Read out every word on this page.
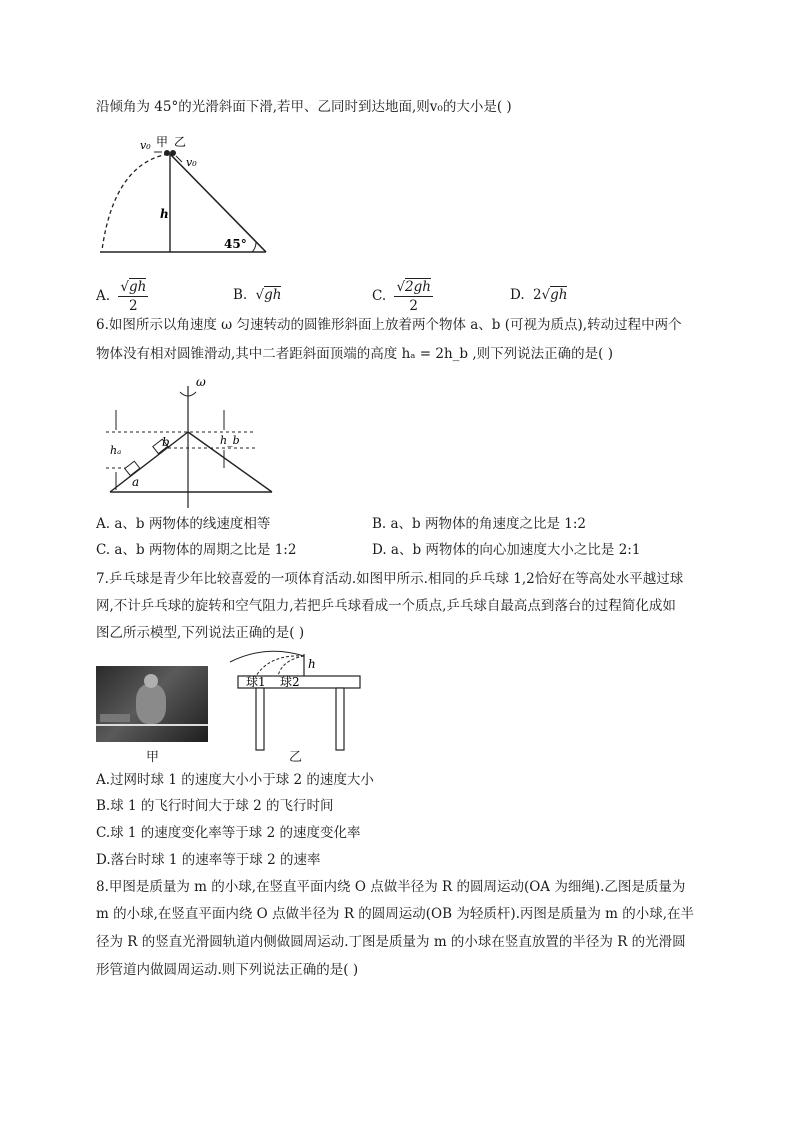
沿倾角为 45°的光滑斜面下滑,若甲、乙同时到达地面,则v₀的大小是( )
v₀ 甲 乙
v₀
h
45°
A. $\frac{√gh}{2}$	B. √gh	C. $\frac{√2gh}{2}$	D. 2√gh
6.如图所示以角速度 ω 匀速转动的圆锥形斜面上放着两个物体 a、b (可视为质点),转动过程中两个
物体没有相对圆锥滑动,其中二者距斜面顶端的高度 hₐ = 2h_b ,则下列说法正确的是( )
ω
hₐ
h_b
a
b
A. a、b 两物体的线速度相等	B. a、b 两物体的角速度之比是 1:2
C. a、b 两物体的周期之比是 1:2	D. a、b 两物体的向心加速度大小之比是 2:1
7.乒乓球是青少年比较喜爱的一项体育活动.如图甲所示.相同的乒乓球 1,2恰好在等高处水平越过球
网,不计乒乓球的旋转和空气阻力,若把乒乓球看成一个质点,乒乓球自最高点到落台的过程简化成如
图乙所示模型,下列说法正确的是( )
甲
h
球1 球2
乙
A.过网时球 1 的速度大小小于球 2 的速度大小
B.球 1 的飞行时间大于球 2 的飞行时间
C.球 1 的速度变化率等于球 2 的速度变化率
D.落台时球 1 的速率等于球 2 的速率
8.甲图是质量为 m 的小球,在竖直平面内绕 O 点做半径为 R 的圆周运动(OA 为细绳).乙图是质量为
m 的小球,在竖直平面内绕 O 点做半径为 R 的圆周运动(OB 为轻质杆).丙图是质量为 m 的小球,在半
径为 R 的竖直光滑圆轨道内侧做圆周运动.丁图是质量为 m 的小球在竖直放置的半径为 R 的光滑圆
形管道内做圆周运动.则下列说法正确的是( )
